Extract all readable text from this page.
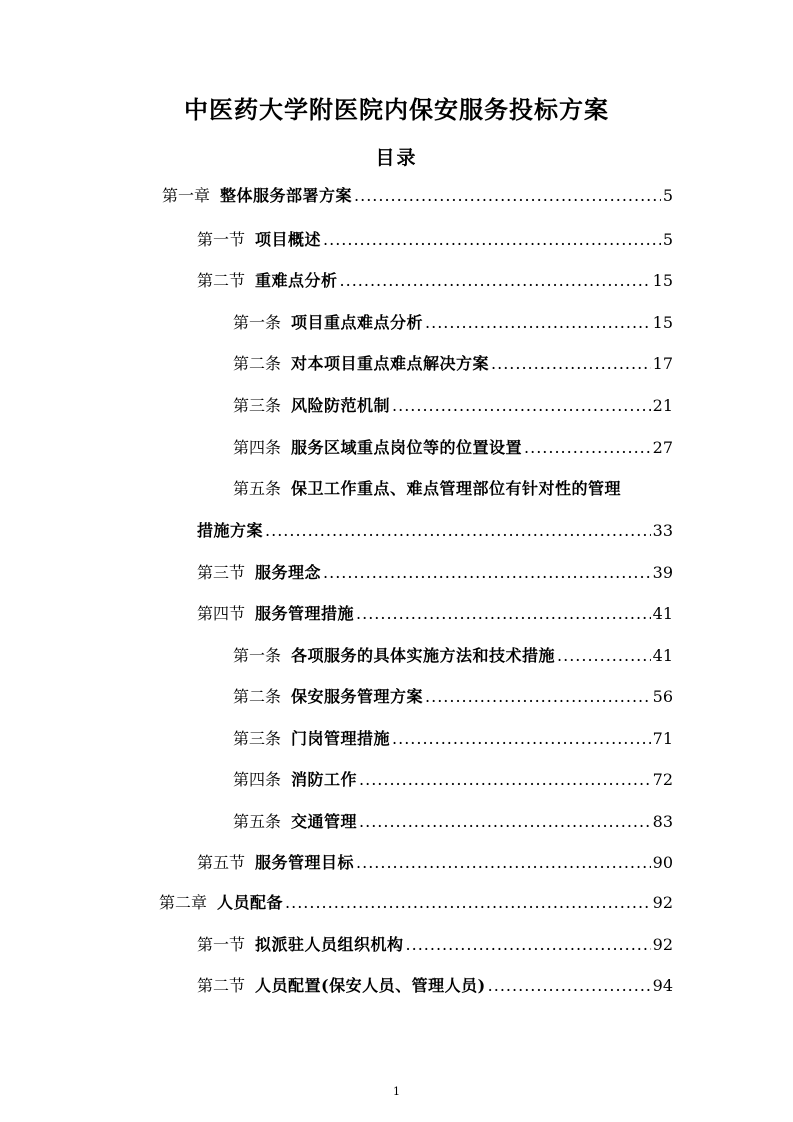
中医药大学附医院内保安服务投标方案
目录
第一章 整体服务部署方案 .....	5
第一节 项目概述 .....	5
第二节 重难点分析 .....	15
第一条 项目重点难点分析 .....	15
第二条 对本项目重点难点解决方案 .....	17
第三条 风险防范机制 .....	21
第四条 服务区域重点岗位等的位置设置 .....	27
第五条 保卫工作重点、难点管理部位有针对性的管理
措施方案 .....	33
第三节 服务理念 .....	39
第四节 服务管理措施 .....	41
第一条 各项服务的具体实施方法和技术措施 .....	41
第二条 保安服务管理方案 .....	56
第三条 门岗管理措施 .....	71
第四条 消防工作 .....	72
第五条 交通管理 .....	83
第五节 服务管理目标 .....	90
第二章 人员配备 .....	92
第一节 拟派驻人员组织机构 .....	92
第二节 人员配置(保安人员、管理人员) .....	94
1
